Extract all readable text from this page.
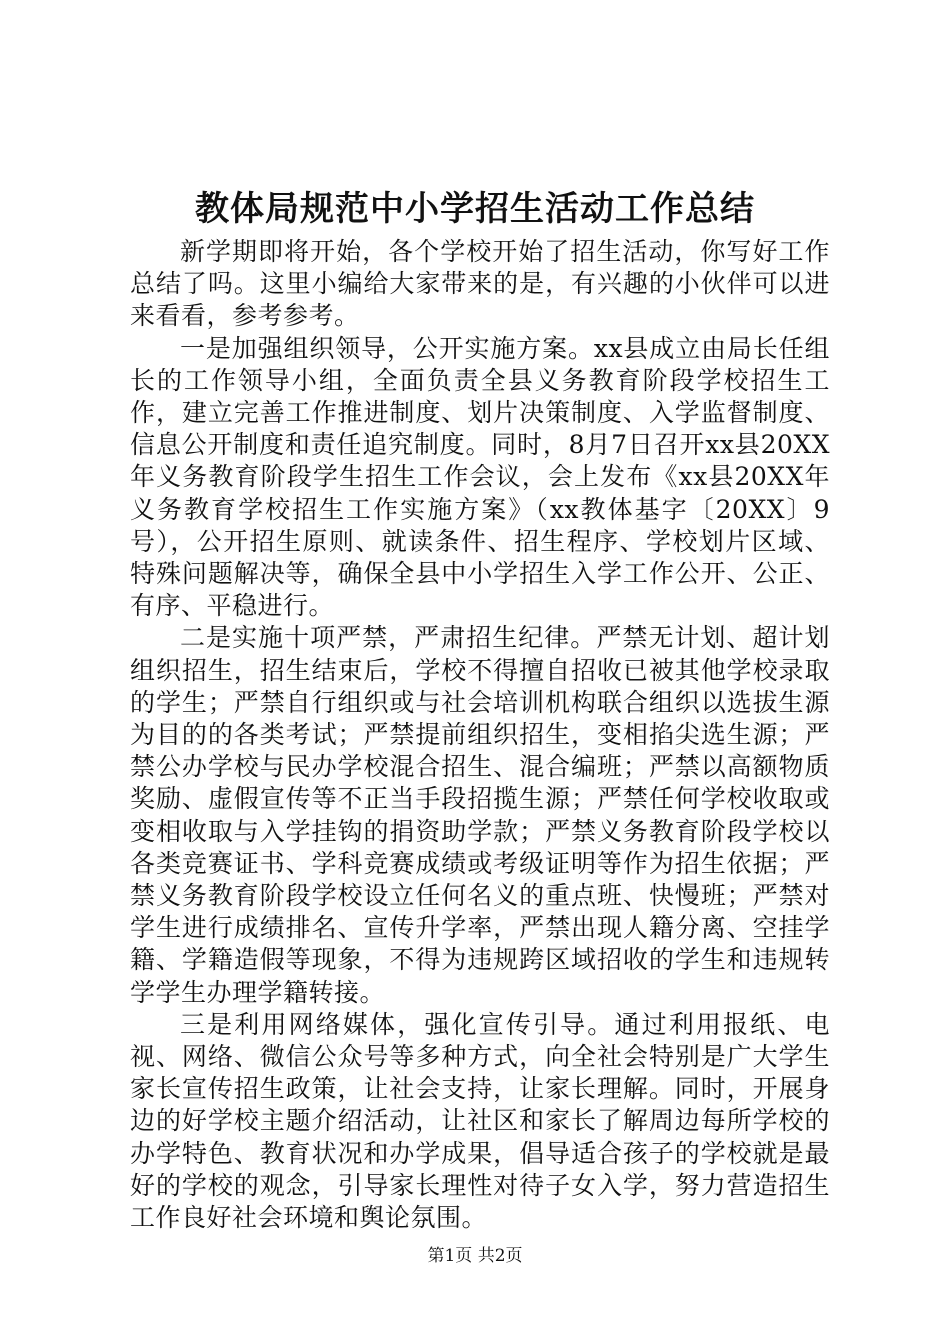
教体局规范中小学招生活动工作总结

新学期即将开始，各个学校开始了招生活动，你写好工作总结了吗。这里小编给大家带来的是，有兴趣的小伙伴可以进来看看，参考参考。

一是加强组织领导，公开实施方案。xx县成立由局长任组长的工作领导小组，全面负责全县义务教育阶段学校招生工作，建立完善工作推进制度、划片决策制度、入学监督制度、信息公开制度和责任追究制度。同时，8月7日召开xx县20XX年义务教育阶段学生招生工作会议，会上发布《xx县20XX年义务教育学校招生工作实施方案》（xx教体基字〔20XX〕9号），公开招生原则、就读条件、招生程序、学校划片区域、特殊问题解决等，确保全县中小学招生入学工作公开、公正、有序、平稳进行。

二是实施十项严禁，严肃招生纪律。严禁无计划、超计划组织招生，招生结束后，学校不得擅自招收已被其他学校录取的学生；严禁自行组织或与社会培训机构联合组织以选拔生源为目的的各类考试；严禁提前组织招生，变相掐尖选生源；严禁公办学校与民办学校混合招生、混合编班；严禁以高额物质奖励、虚假宣传等不正当手段招揽生源；严禁任何学校收取或变相收取与入学挂钩的捐资助学款；严禁义务教育阶段学校以各类竞赛证书、学科竞赛成绩或考级证明等作为招生依据；严禁义务教育阶段学校设立任何名义的重点班、快慢班；严禁对学生进行成绩排名、宣传升学率，严禁出现人籍分离、空挂学籍、学籍造假等现象，不得为违规跨区域招收的学生和违规转学学生办理学籍转接。

三是利用网络媒体，强化宣传引导。通过利用报纸、电视、网络、微信公众号等多种方式，向全社会特别是广大学生家长宣传招生政策，让社会支持，让家长理解。同时，开展身边的好学校主题介绍活动，让社区和家长了解周边每所学校的办学特色、教育状况和办学成果，倡导适合孩子的学校就是最好的学校的观念，引导家长理性对待子女入学，努力营造招生工作良好社会环境和舆论氛围。

第1页 共2页
